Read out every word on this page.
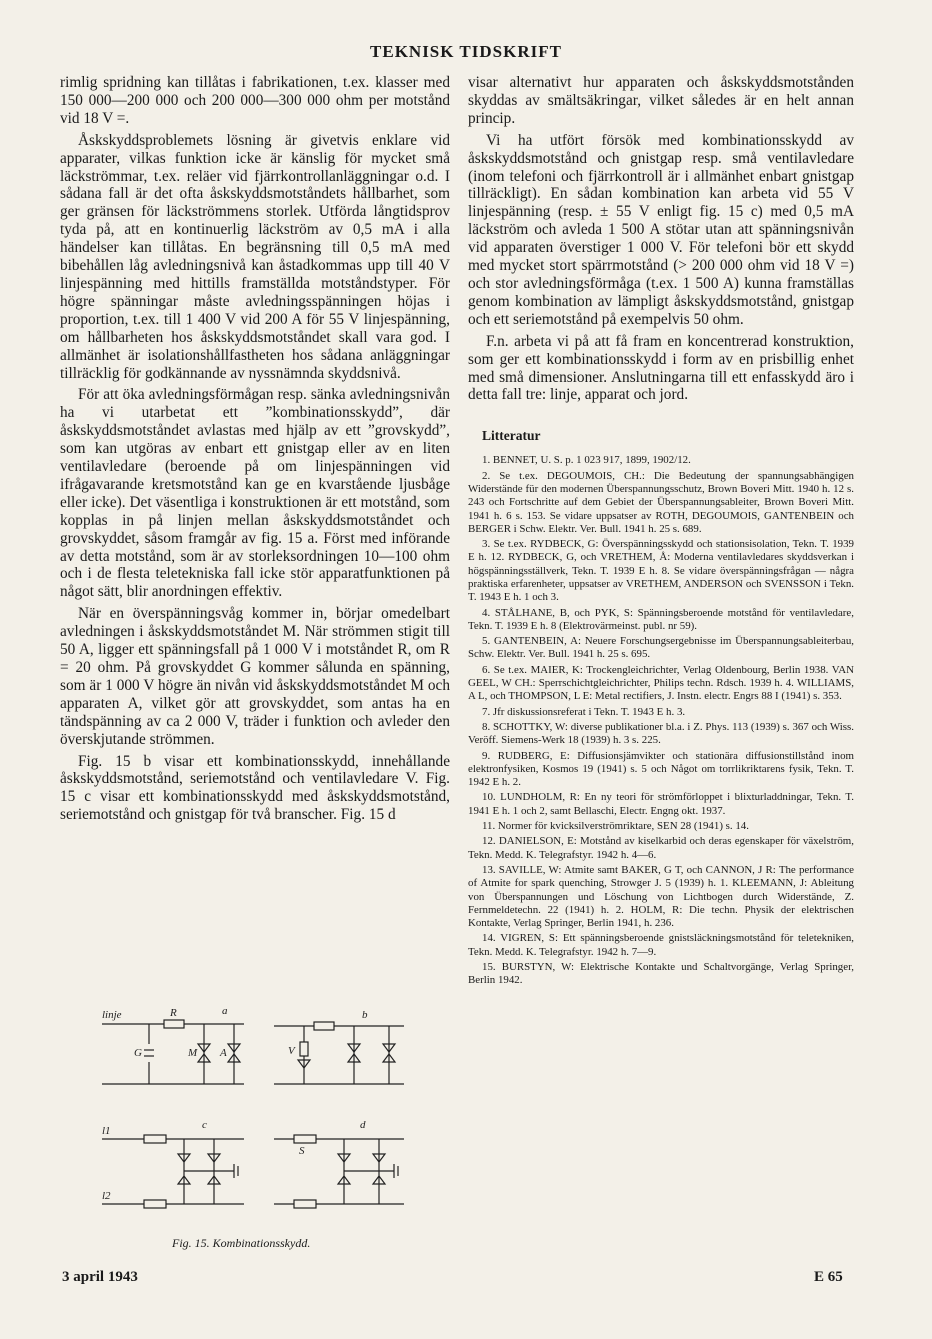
TEKNISK TIDSKRIFT

rimlig spridning kan tillåtas i fabrikationen, t.ex. klasser med 150 000—200 000 och 200 000—300 000 ohm per motstånd vid 18 V =.

Åskskyddsproblemets lösning är givetvis enklare vid apparater, vilkas funktion icke är känslig för mycket små läckströmmar, t.ex. reläer vid fjärrkontrollanläggningar o.d. I sådana fall är det ofta åskskyddsmotståndets hållbarhet, som ger gränsen för läckströmmens storlek. Utförda långtidsprov tyda på, att en kontinuerlig läckström av 0,5 mA i alla händelser kan tillåtas. En begränsning till 0,5 mA med bibehållen låg avledningsnivå kan åstadkommas upp till 40 V linjespänning med hittills framställda motståndstyper. För högre spänningar måste avledningsspänningen höjas i proportion, t.ex. till 1 400 V vid 200 A för 55 V linjespänning, om hållbarheten hos åskskyddsmotståndet skall vara god. I allmänhet är isolationshållfastheten hos sådana anläggningar tillräcklig för godkännande av nyssnämnda skyddsnivå.

För att öka avledningsförmågan resp. sänka avledningsnivån ha vi utarbetat ett ”kombinationsskydd”, där åskskyddsmotståndet avlastas med hjälp av ett ”grovskydd”, som kan utgöras av enbart ett gnistgap eller av en liten ventilavledare (beroende på om linjespänningen vid ifrågavarande kretsmotstånd kan ge en kvarstående ljusbåge eller icke). Det väsentliga i konstruktionen är ett motstånd, som kopplas in på linjen mellan åskskyddsmotståndet och grovskyddet, såsom framgår av fig. 15 a. Först med införande av detta motstånd, som är av storleksordningen 10—100 ohm och i de flesta teletekniska fall icke stör apparatfunktionen på något sätt, blir anordningen effektiv.

När en överspänningsvåg kommer in, börjar omedelbart avledningen i åskskyddsmotståndet M. När strömmen stigit till 50 A, ligger ett spänningsfall på 1 000 V i motståndet R, om R = 20 ohm. På grovskyddet G kommer sålunda en spänning, som är 1 000 V högre än nivån vid åskskyddsmotståndet M och apparaten A, vilket gör att grovskyddet, som antas ha en tändspänning av ca 2 000 V, träder i funktion och avleder den överskjutande strömmen.

Fig. 15 b visar ett kombinationsskydd, innehållande åskskyddsmotstånd, seriemotstånd och ventilavledare V. Fig. 15 c visar ett kombinationsskydd med åskskyddsmotstånd, seriemotstånd och gnistgap för två branscher. Fig. 15 d

visar alternativt hur apparaten och åskskyddsmotstånden skyddas av smältsäkringar, vilket således är en helt annan princip.

Vi ha utfört försök med kombinationsskydd av åskskyddsmotstånd och gnistgap resp. små ventilavledare (inom telefoni och fjärrkontroll är i allmänhet enbart gnistgap tillräckligt). En sådan kombination kan arbeta vid 55 V linjespänning (resp. ± 55 V enligt fig. 15 c) med 0,5 mA läckström och avleda 1 500 A stötar utan att spänningsnivån vid apparaten överstiger 1 000 V. För telefoni bör ett skydd med mycket stort spärrmotstånd (> 200 000 ohm vid 18 V =) och stor avledningsförmåga (t.ex. 1 500 A) kunna framställas genom kombination av lämpligt åskskyddsmotstånd, gnistgap och ett seriemotstånd på exempelvis 50 ohm.

F.n. arbeta vi på att få fram en koncentrerad konstruktion, som ger ett kombinationsskydd i form av en prisbillig enhet med små dimensioner. Anslutningarna till ett enfasskydd äro i detta fall tre: linje, apparat och jord.

Litteratur
1. BENNET, U. S. p. 1 023 917, 1899, 1902/12.
2. Se t.ex. DEGOUMOIS, CH.: Die Bedeutung der spannungsabhängigen Widerstände für den modernen Überspannungsschutz, Brown Boveri Mitt. 1940 h. 12 s. 243 och Fortschritte auf dem Gebiet der Überspannungsableiter, Brown Boveri Mitt. 1941 h. 6 s. 153. Se vidare uppsatser av ROTH, DEGOUMOIS, GANTENBEIN och BERGER i Schw. Elektr. Ver. Bull. 1941 h. 25 s. 689.
3. Se t.ex. RYDBECK, G: Överspänningsskydd och stationsisolation, Tekn. T. 1939 E h. 12. RYDBECK, G, och VRETHEM, Å: Moderna ventilavledares skyddsverkan i högspänningsställverk, Tekn. T. 1939 E h. 8. Se vidare överspänningsfrågan — några praktiska erfarenheter, uppsatser av VRETHEM, ANDERSON och SVENSSON i Tekn. T. 1943 E h. 1 och 3.
4. STÅLHANE, B, och PYK, S: Spänningsberoende motstånd för ventilavledare, Tekn. T. 1939 E h. 8 (Elektrovärmeinst. publ. nr 59).
5. GANTENBEIN, A: Neuere Forschungsergebnisse im Überspannungsableiterbau, Schw. Elektr. Ver. Bull. 1941 h. 25 s. 695.
6. Se t.ex. MAIER, K: Trockengleichrichter, Verlag Oldenbourg, Berlin 1938. VAN GEEL, W CH.: Sperrschichtgleichrichter, Philips techn. Rdsch. 1939 h. 4. WILLIAMS, A L, och THOMPSON, L E: Metal rectifiers, J. Instn. electr. Engrs 88 I (1941) s. 353.
7. Jfr diskussionsreferat i Tekn. T. 1943 E h. 3.
8. SCHOTTKY, W: diverse publikationer bl.a. i Z. Phys. 113 (1939) s. 367 och Wiss. Veröff. Siemens-Werk 18 (1939) h. 3 s. 225.
9. RUDBERG, E: Diffusionsjämvikter och stationära diffusionstillstånd inom elektronfysiken, Kosmos 19 (1941) s. 5 och Något om torrlikriktarens fysik, Tekn. T. 1942 E h. 2.
10. LUNDHOLM, R: En ny teori för strömförloppet i blixturladdningar, Tekn. T. 1941 E h. 1 och 2, samt Bellaschi, Electr. Engng okt. 1937.
11. Normer för kvicksilverströmriktare, SEN 28 (1941) s. 14.
12. DANIELSON, E: Motstånd av kiselkarbid och deras egenskaper för växelström, Tekn. Medd. K. Telegrafstyr. 1942 h. 4—6.
13. SAVILLE, W: Atmite samt BAKER, G T, och CANNON, J R: The performance of Atmite for spark quenching, Strowger J. 5 (1939) h. 1. KLEEMANN, J: Ableitung von Überspannungen und Löschung von Lichtbogen durch Widerstände, Z. Fernmeldetechn. 22 (1941) h. 2. HOLM, R: Die techn. Physik der elektrischen Kontakte, Verlag Springer, Berlin 1941, h. 236.
14. VIGREN, S: Ett spänningsberoende gnistsläckningsmotstånd för teletekniken, Tekn. Medd. K. Telegrafstyr. 1942 h. 7—9.
15. BURSTYN, W: Elektrische Kontakte und Schaltvorgänge, Verlag Springer, Berlin 1942.
linje	R	a
G	M A
b
V
l1
l2
c	d
S
Fig. 15. Kombinationsskydd.
3 april 1943	E 65
